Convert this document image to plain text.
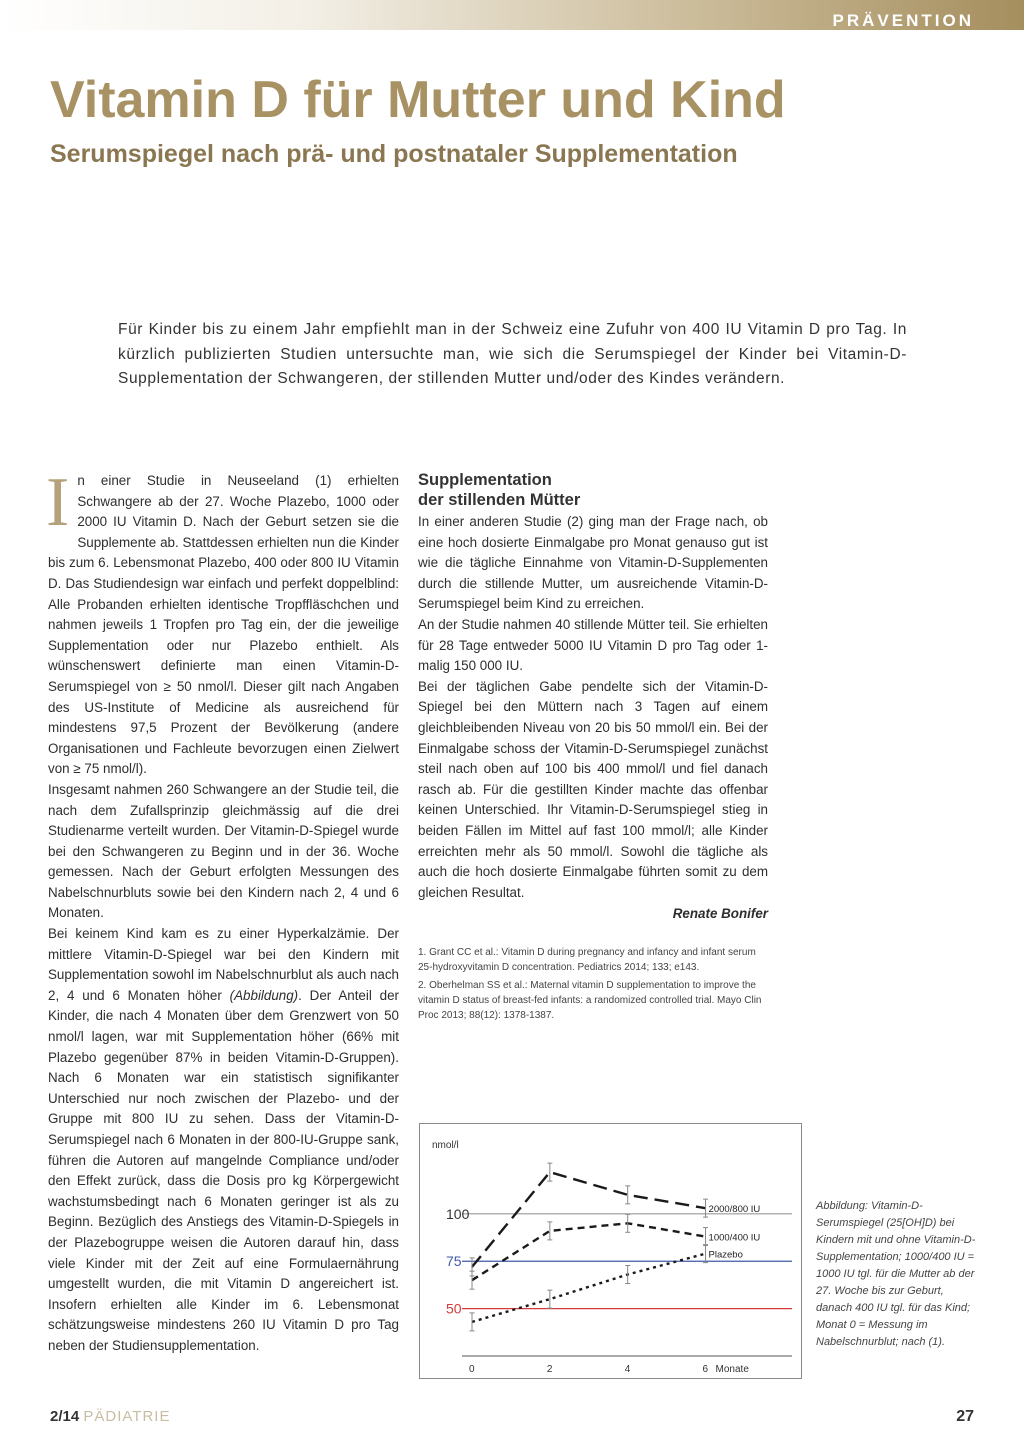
PRÄVENTION
Vitamin D für Mutter und Kind
Serumspiegel nach prä- und postnataler Supplementation

Für Kinder bis zu einem Jahr empfiehlt man in der Schweiz eine Zufuhr von 400 IU Vitamin D pro Tag. In kürzlich publizierten Studien untersuchte man, wie sich die Serumspiegel der Kinder bei Vitamin-D-Supplementation der Schwangeren, der stillenden Mutter und/oder des Kindes verändern.

I n einer Studie in Neuseeland (1) erhielten Schwangere ab der 27. Woche Plazebo, 1000 oder 2000 IU Vitamin D. Nach der Geburt setzen sie die Supplemente ab. Stattdessen erhielten nun die Kinder bis zum 6. Lebensmonat Plazebo, 400 oder 800 IU Vitamin D. Das Studiendesign war einfach und perfekt doppelblind: Alle Probanden erhielten identische Tropffläschchen und nahmen jeweils 1 Tropfen pro Tag ein, der die jeweilige Supplementation oder nur Plazebo enthielt. Als wünschenswert definierte man einen Vitamin-D-Serumspiegel von ≥ 50 nmol/l. Dieser gilt nach Angaben des US-Institute of Medicine als ausreichend für mindestens 97,5 Prozent der Bevölkerung (andere Organisationen und Fachleute bevorzugen einen Zielwert von ≥ 75 nmol/l).

Insgesamt nahmen 260 Schwangere an der Studie teil, die nach dem Zufallsprinzip gleichmässig auf die drei Studienarme verteilt wurden. Der Vitamin-D-Spiegel wurde bei den Schwangeren zu Beginn und in der 36. Woche gemessen. Nach der Geburt erfolgten Messungen des Nabelschnurbluts sowie bei den Kindern nach 2, 4 und 6 Monaten.

Bei keinem Kind kam es zu einer Hyperkalzämie. Der mittlere Vitamin-D-Spiegel war bei den Kindern mit Supplementation sowohl im Nabelschnurblut als auch nach 2, 4 und 6 Monaten höher (Abbildung). Der Anteil der Kinder, die nach 4 Monaten über dem Grenzwert von 50 nmol/l lagen, war mit Supplementation höher (66% mit Plazebo gegenüber 87% in beiden Vitamin-D-Gruppen). Nach 6 Monaten war ein statistisch signifikanter Unterschied nur noch zwischen der Plazebo- und der Gruppe mit 800 IU zu sehen. Dass der Vitamin-D-Serumspiegel nach 6 Monaten in der 800-IU-Gruppe sank, führen die Autoren auf mangelnde Compliance und/oder den Effekt zurück, dass die Dosis pro kg Körpergewicht wachstumsbedingt nach 6 Monaten geringer ist als zu Beginn. Bezüglich des Anstiegs des Vitamin-D-Spiegels in der Plazebogruppe weisen die Autoren darauf hin, dass viele Kinder mit der Zeit auf eine Formulaernährung umgestellt wurden, die mit Vitamin D angereichert ist. Insofern erhielten alle Kinder im 6. Lebensmonat schätzungsweise mindestens 260 IU Vitamin D pro Tag neben der Studiensupplementation.

Supplementation
der stillenden Mütter

In einer anderen Studie (2) ging man der Frage nach, ob eine hoch dosierte Einmalgabe pro Monat genauso gut ist wie die tägliche Einnahme von Vitamin-D-Supplementen durch die stillende Mutter, um ausreichende Vitamin-D-Serumspiegel beim Kind zu erreichen.

An der Studie nahmen 40 stillende Mütter teil. Sie erhielten für 28 Tage entweder 5000 IU Vitamin D pro Tag oder 1-malig 150 000 IU.

Bei der täglichen Gabe pendelte sich der Vitamin-D-Spiegel bei den Müttern nach 3 Tagen auf einem gleichbleibenden Niveau von 20 bis 50 mmol/l ein. Bei der Einmalgabe schoss der Vitamin-D-Serumspiegel zunächst steil nach oben auf 100 bis 400 mmol/l und fiel danach rasch ab. Für die gestillten Kinder machte das offenbar keinen Unterschied. Ihr Vitamin-D-Serumspiegel stieg in beiden Fällen im Mittel auf fast 100 mmol/l; alle Kinder erreichten mehr als 50 mmol/l. Sowohl die tägliche als auch die hoch dosierte Einmalgabe führten somit zu dem gleichen Resultat.

Renate Bonifer

1. Grant CC et al.: Vitamin D during pregnancy and infancy and infant serum 25-hydroxyvitamin D concentration. Pediatrics 2014; 133; e143.

2. Oberhelman SS et al.: Maternal vitamin D supplementation to improve the vitamin D status of breast-fed infants: a randomized controlled trial. Mayo Clin Proc 2013; 88(12): 1378-1387.

nmol/l
100
75
50
0	2	4	6 Monate
2000/800 IU
1000/400 IU
Plazebo
Abbildung: Vitamin-D-Serumspiegel (25[OH]D) bei Kindern mit und ohne Vitamin-D-Supplementation; 1000/400 IU = 1000 IU tgl. für die Mutter ab der 27. Woche bis zur Geburt, danach 400 IU tgl. für das Kind; Monat 0 = Messung im Nabelschnurblut; nach (1).
2/14 PÄDIATRIE	27
